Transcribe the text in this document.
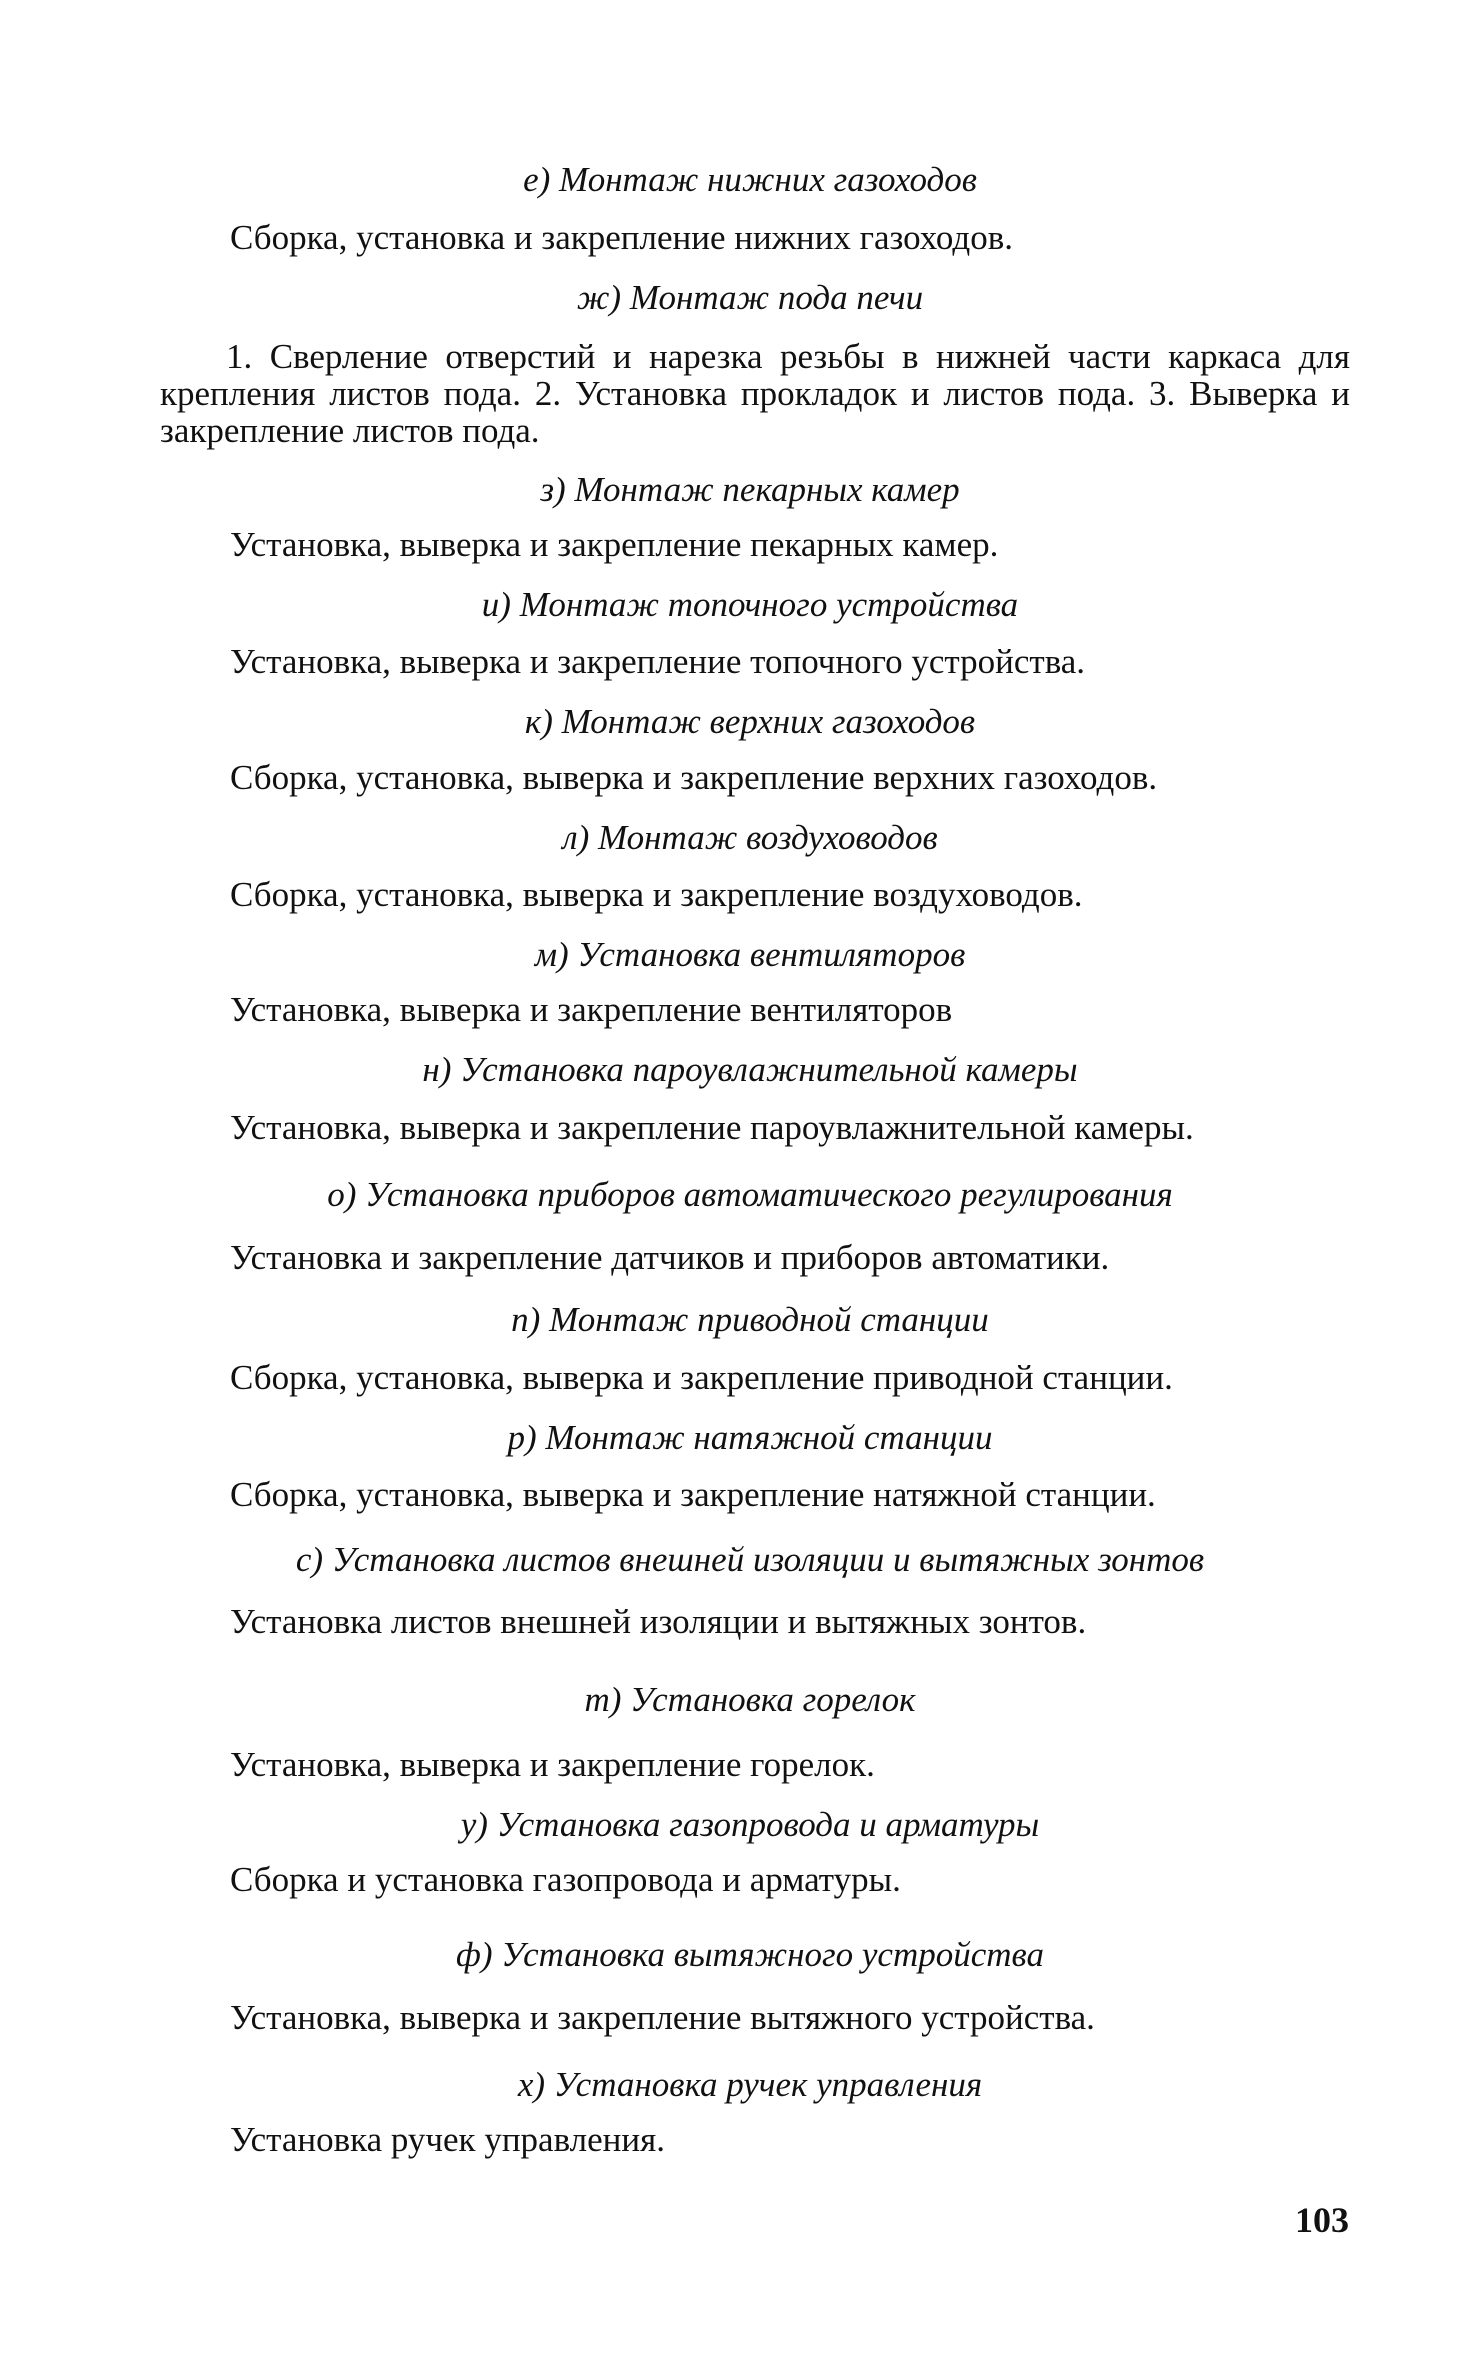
е) Монтаж нижних газоходов
Сборка, установка и закрепление нижних газоходов.
ж) Монтаж пода печи
1. Сверление отверстий и нарезка резьбы в нижней части каркаса для крепления листов пода. 2. Установка прокладок и листов пода. 3. Выверка и закрепление листов пода.
з) Монтаж пекарных камер
Установка, выверка и закрепление пекарных камер.
и) Монтаж топочного устройства
Установка, выверка и закрепление топочного устройства.
к) Монтаж верхних газоходов
Сборка, установка, выверка и закрепление верхних газоходов.
л) Монтаж воздуховодов
Сборка, установка, выверка и закрепление воздуховодов.
м) Установка вентиляторов
Установка, выверка и закрепление вентиляторов
н) Установка пароувлажнительной камеры
Установка, выверка и закрепление пароувлажнительной камеры.
о) Установка приборов автоматического регулирования
Установка и закрепление датчиков и приборов автоматики.
п) Монтаж приводной станции
Сборка, установка, выверка и закрепление приводной станции.
р) Монтаж натяжной станции
Сборка, установка, выверка и закрепление натяжной станции.
с) Установка листов внешней изоляции и вытяжных зонтов
Установка листов внешней изоляции и вытяжных зонтов.
т) Установка горелок
Установка, выверка и закрепление горелок.
у) Установка газопровода и арматуры
Сборка и установка газопровода и арматуры.
ф) Установка вытяжного устройства
Установка, выверка и закрепление вытяжного устройства.
х) Установка ручек управления
Установка ручек управления.
103
